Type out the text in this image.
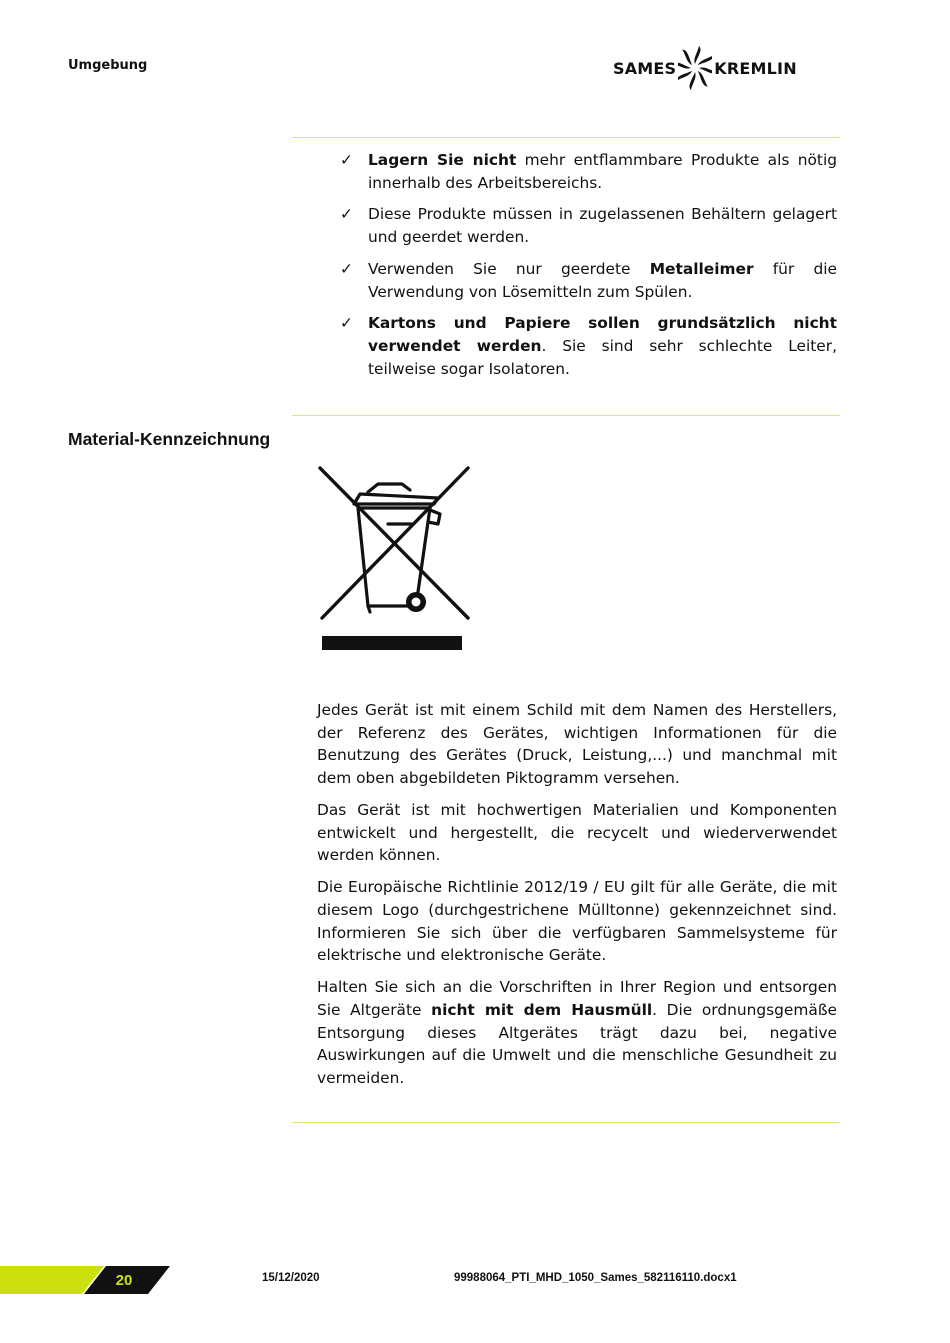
Umgebung	SAMES KREMLIN
✓ Lagern Sie nicht mehr entflammbare Produkte als nötig innerhalb des Arbeitsbereichs.
✓ Diese Produkte müssen in zugelassenen Behältern gelagert und geerdet werden.
✓ Verwenden Sie nur geerdete Metalleimer für die Verwendung von Lösemitteln zum Spülen.
✓ Kartons und Papiere sollen grundsätzlich nicht verwendet werden. Sie sind sehr schlechte Leiter, teilweise sogar Isolatoren.
Material-Kennzeichnung

Jedes Gerät ist mit einem Schild mit dem Namen des Herstellers, der Referenz des Gerätes, wichtigen Informationen für die Benutzung des Gerätes (Druck, Leistung,...) und manchmal mit dem oben abgebildeten Piktogramm versehen.

Das Gerät ist mit hochwertigen Materialien und Komponenten entwickelt und hergestellt, die recycelt und wiederverwendet werden können.

Die Europäische Richtlinie 2012/19 / EU gilt für alle Geräte, die mit diesem Logo (durchgestrichene Mülltonne) gekennzeichnet sind. Informieren Sie sich über die verfügbaren Sammelsysteme für elektrische und elektronische Geräte.

Halten Sie sich an die Vorschriften in Ihrer Region und entsorgen Sie Altgeräte nicht mit dem Hausmüll. Die ordnungsgemäße Entsorgung dieses Altgerätes trägt dazu bei, negative Auswirkungen auf die Umwelt und die menschliche Gesundheit zu vermeiden.

20	15/12/2020	99988064_PTI_MHD_1050_Sames_582116110.docx1
